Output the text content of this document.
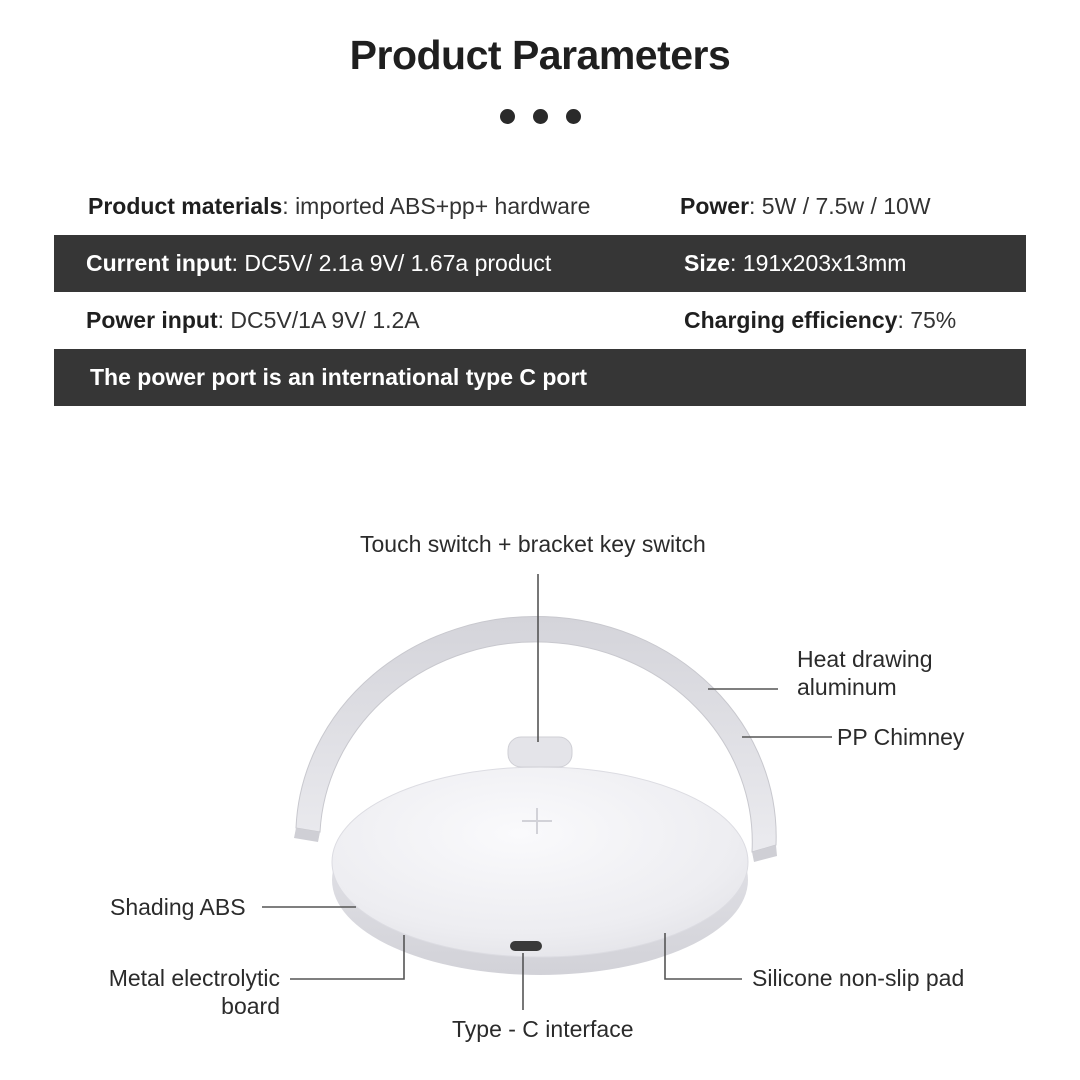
Product Parameters
Product materials: imported ABS+pp+ hardware	Power: 5W / 7.5w / 10W
Current input: DC5V/ 2.1a 9V/ 1.67a product	Size: 191x203x13mm
Power input: DC5V/1A 9V/ 1.2A	Charging efficiency: 75%
The power port is an international type C port
Touch switch + bracket key switch
Heat drawing
aluminum
PP Chimney
Shading ABS
Metal electrolytic
board
Type - C interface
Silicone non-slip pad
